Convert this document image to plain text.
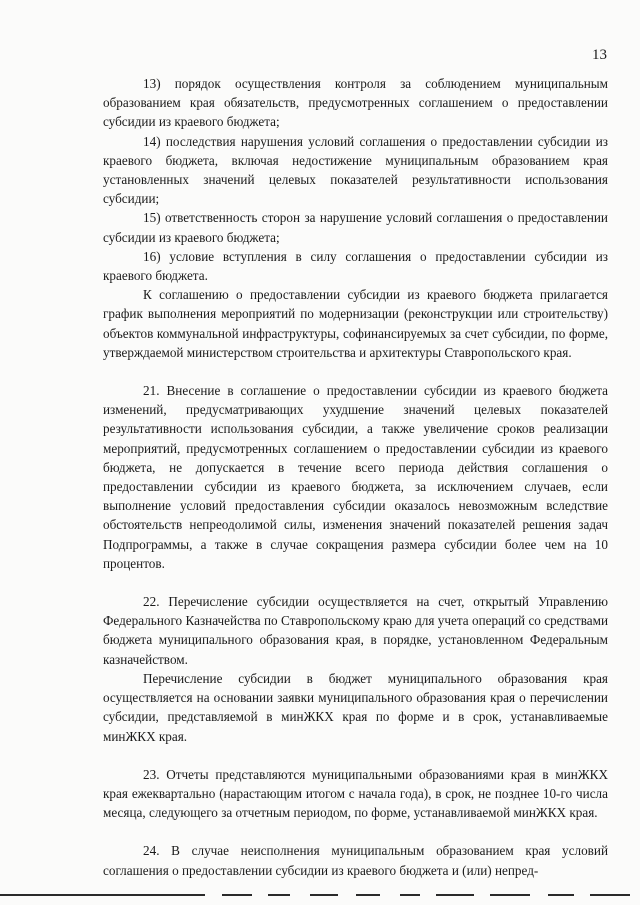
13

13) порядок осуществления контроля за соблюдением муниципальным образованием края обязательств, предусмотренных соглашением о предоставлении субсидии из краевого бюджета;

14) последствия нарушения условий соглашения о предоставлении субсидии из краевого бюджета, включая недостижение муниципальным образованием края установленных значений целевых показателей результативности использования субсидии;

15) ответственность сторон за нарушение условий соглашения о предоставлении субсидии из краевого бюджета;

16) условие вступления в силу соглашения о предоставлении субсидии из краевого бюджета.

К соглашению о предоставлении субсидии из краевого бюджета прилагается график выполнения мероприятий по модернизации (реконструкции или строительству) объектов коммунальной инфраструктуры, софинансируемых за счет субсидии, по форме, утверждаемой министерством строительства и архитектуры Ставропольского края.

21. Внесение в соглашение о предоставлении субсидии из краевого бюджета изменений, предусматривающих ухудшение значений целевых показателей результативности использования субсидии, а также увеличение сроков реализации мероприятий, предусмотренных соглашением о предоставлении субсидии из краевого бюджета, не допускается в течение всего периода действия соглашения о предоставлении субсидии из краевого бюджета, за исключением случаев, если выполнение условий предоставления субсидии оказалось невозможным вследствие обстоятельств непреодолимой силы, изменения значений показателей решения задач Подпрограммы, а также в случае сокращения размера субсидии более чем на 10 процентов.

22. Перечисление субсидии осуществляется на счет, открытый Управлению Федерального Казначейства по Ставропольскому краю для учета операций со средствами бюджета муниципального образования края, в порядке, установленном Федеральным казначейством.

Перечисление субсидии в бюджет муниципального образования края осуществляется на основании заявки муниципального образования края о перечислении субсидии, представляемой в минЖКХ края по форме и в срок, устанавливаемые минЖКХ края.

23. Отчеты представляются муниципальными образованиями края в минЖКХ края ежеквартально (нарастающим итогом с начала года), в срок, не позднее 10-го числа месяца, следующего за отчетным периодом, по форме, устанавливаемой минЖКХ края.

24. В случае неисполнения муниципальным образованием края условий соглашения о предоставлении субсидии из краевого бюджета и (или) непред-
